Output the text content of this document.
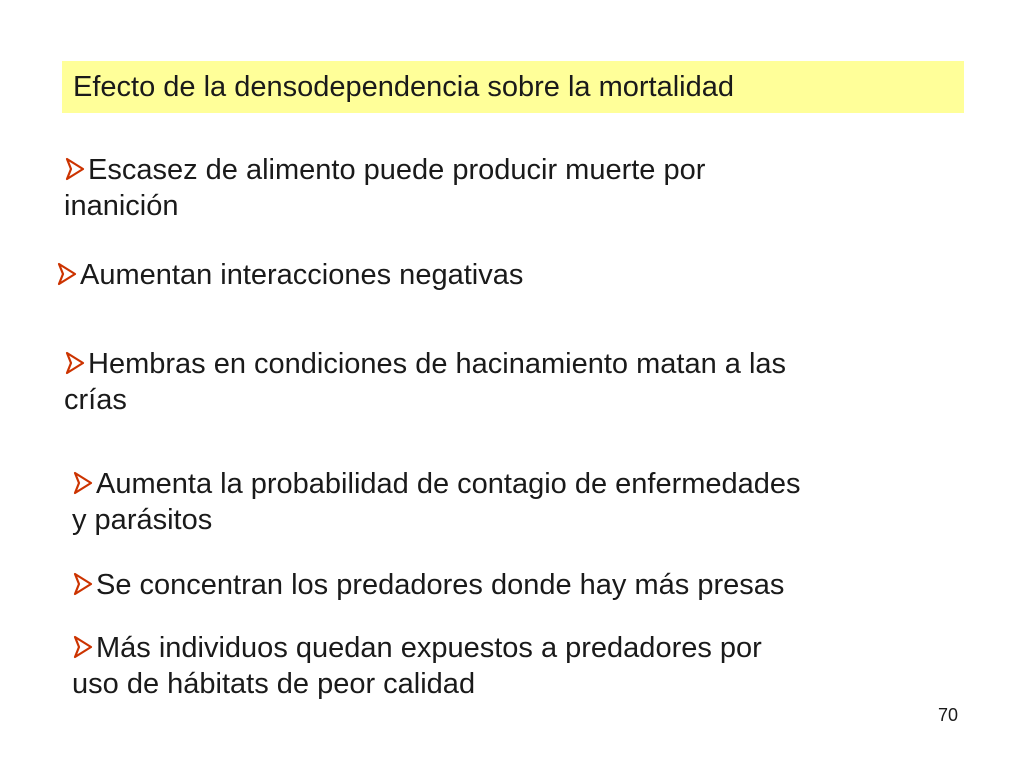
Efecto de la densodependencia sobre la mortalidad
Escasez de alimento puede producir muerte por
inanición
Aumentan interacciones negativas
Hembras en condiciones de hacinamiento matan a las
crías
Aumenta la probabilidad de contagio de enfermedades
y parásitos
Se concentran los predadores donde hay más presas
Más individuos quedan expuestos a predadores por
uso de hábitats de peor calidad
70
